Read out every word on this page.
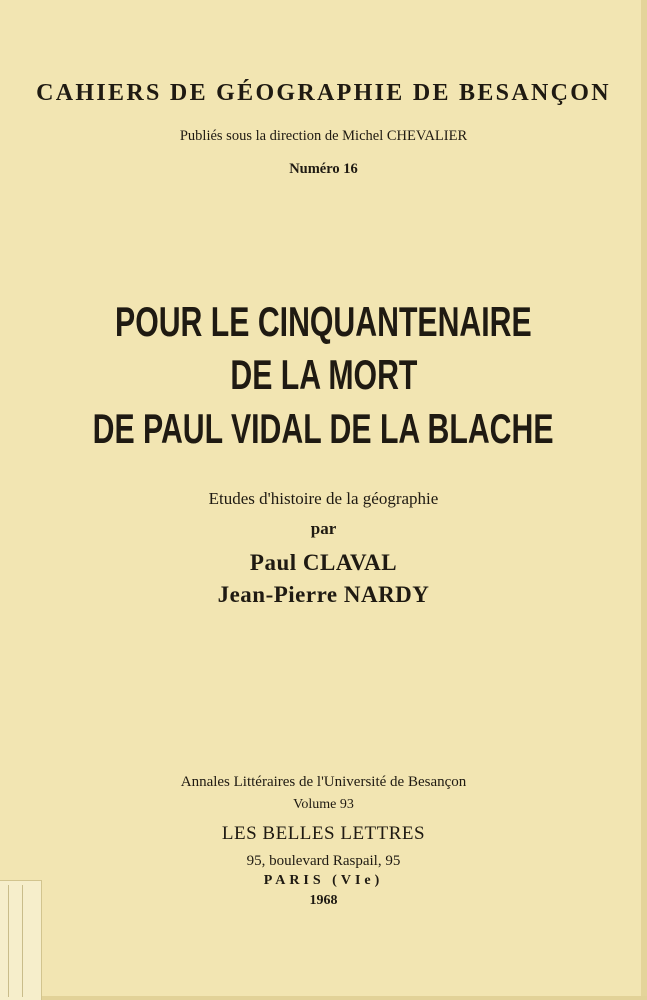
CAHIERS DE GÉOGRAPHIE DE BESANÇON
Publiés sous la direction de Michel CHEVALIER
Numéro 16
POUR LE CINQUANTENAIRE
DE LA MORT
DE PAUL VIDAL DE LA BLACHE
Etudes d'histoire de la géographie
par
Paul CLAVAL
Jean-Pierre NARDY
Annales Littéraires de l'Université de Besançon
Volume 93
LES BELLES LETTRES
95, boulevard Raspail, 95
PARIS (VIe)
1968
